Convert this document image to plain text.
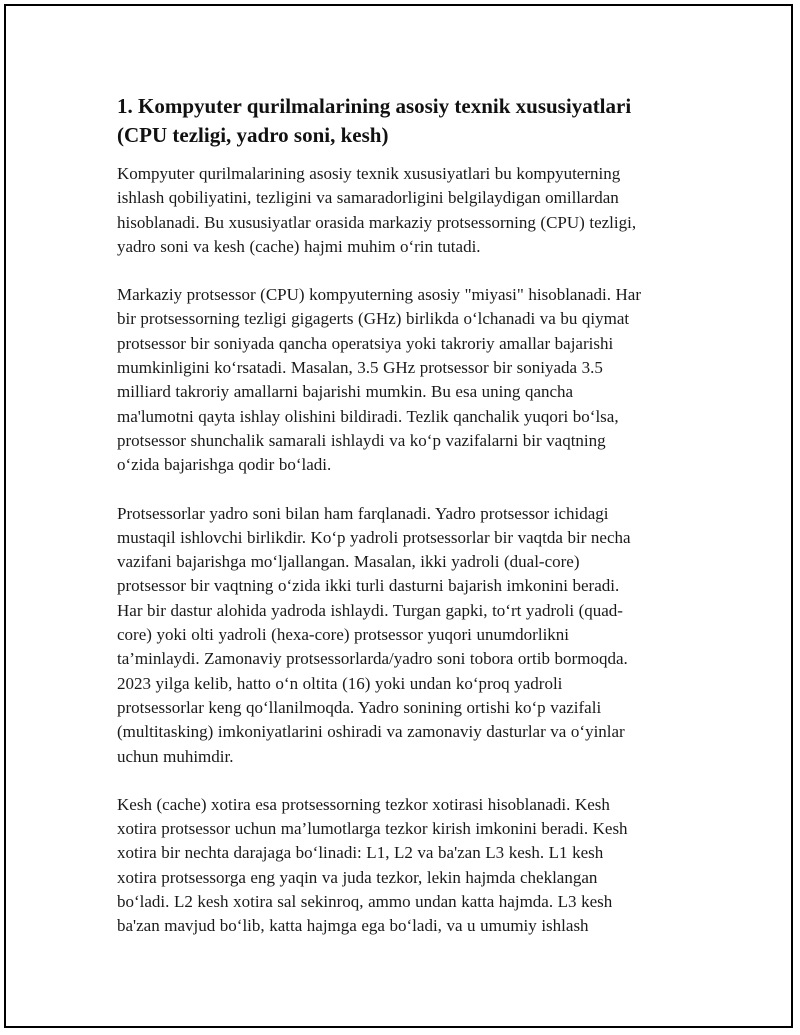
1. Kompyuter qurilmalarining asosiy texnik xususiyatlari
(CPU tezligi, yadro soni, kesh)

Kompyuter qurilmalarining asosiy texnik xususiyatlari bu kompyuterning
ishlash qobiliyatini, tezligini va samaradorligini belgilaydigan omillardan
hisoblanadi. Bu xususiyatlar orasida markaziy protsessorning (CPU) tezligi,
yadro soni va kesh (cache) hajmi muhim oʻrin tutadi.

Markaziy protsessor (CPU) kompyuterning asosiy "miyasi" hisoblanadi. Har
bir protsessorning tezligi gigagerts (GHz) birlikda oʻlchanadi va bu qiymat
protsessor bir soniyada qancha operatsiya yoki takroriy amallar bajarishi
mumkinligini koʻrsatadi. Masalan, 3.5 GHz protsessor bir soniyada 3.5
milliard takroriy amallarni bajarishi mumkin. Bu esa uning qancha
ma'lumotni qayta ishlay olishini bildiradi. Tezlik qanchalik yuqori boʻlsa,
protsessor shunchalik samarali ishlaydi va koʻp vazifalarni bir vaqtning
oʻzida bajarishga qodir boʻladi.

Protsessorlar yadro soni bilan ham farqlanadi. Yadro protsessor ichidagi
mustaqil ishlovchi birlikdir. Koʻp yadroli protsessorlar bir vaqtda bir necha
vazifani bajarishga moʻljallangan. Masalan, ikki yadroli (dual-core)
protsessor bir vaqtning oʻzida ikki turli dasturni bajarish imkonini beradi.
Har bir dastur alohida yadroda ishlaydi. Turgan gapki, toʻrt yadroli (quad-
core) yoki olti yadroli (hexa-core) protsessor yuqori unumdorlikni
ta’minlaydi. Zamonaviy protsessorlarda/yadro soni tobora ortib bormoqda.
2023 yilga kelib, hatto oʻn oltita (16) yoki undan koʻproq yadroli
protsessorlar keng qoʻllanilmoqda. Yadro sonining ortishi koʻp vazifali
(multitasking) imkoniyatlarini oshiradi va zamonaviy dasturlar va oʻyinlar
uchun muhimdir.

Kesh (cache) xotira esa protsessorning tezkor xotirasi hisoblanadi. Kesh
xotira protsessor uchun ma’lumotlarga tezkor kirish imkonini beradi. Kesh
xotira bir nechta darajaga boʻlinadi: L1, L2 va ba'zan L3 kesh. L1 kesh
xotira protsessorga eng yaqin va juda tezkor, lekin hajmda cheklangan
boʻladi. L2 kesh xotira sal sekinroq, ammo undan katta hajmda. L3 kesh
ba'zan mavjud boʻlib, katta hajmga ega boʻladi, va u umumiy ishlash
